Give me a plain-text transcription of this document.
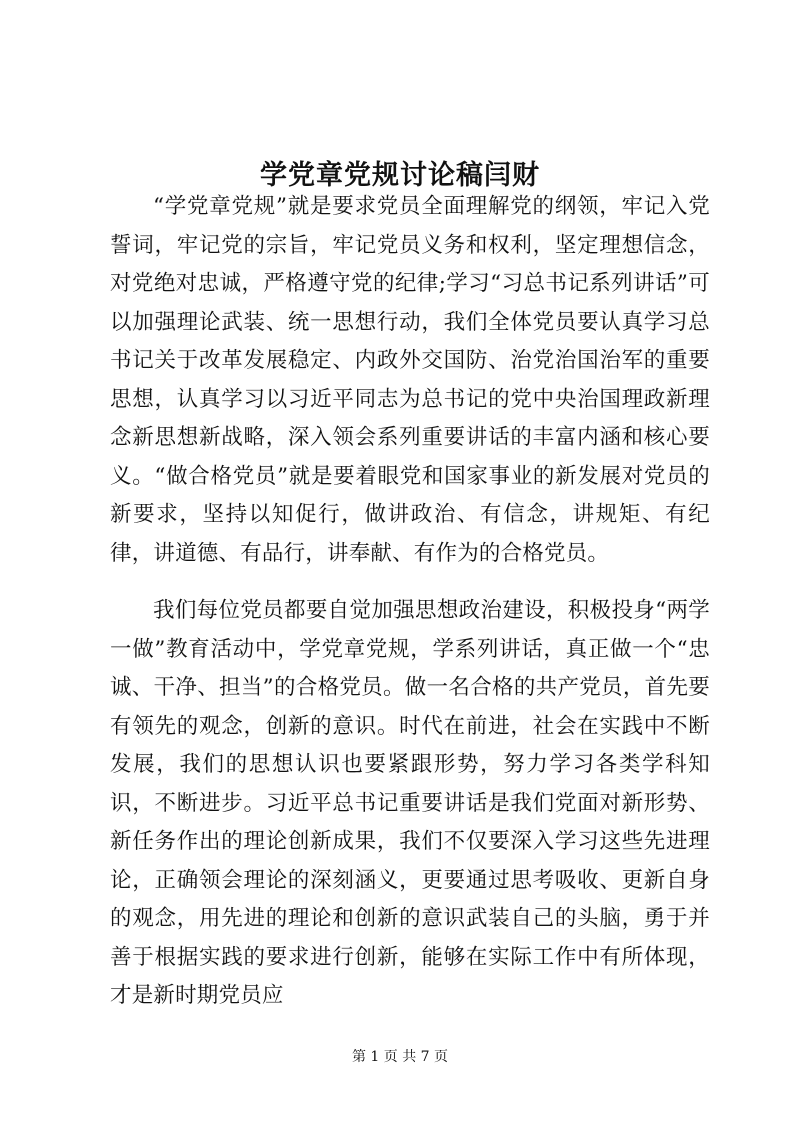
学党章党规讨论稿闫财

“学党章党规”就是要求党员全面理解党的纲领，牢记入党誓词，牢记党的宗旨，牢记党员义务和权利，坚定理想信念，对党绝对忠诚，严格遵守党的纪律;学习“习总书记系列讲话”可以加强理论武装、统一思想行动，我们全体党员要认真学习总书记关于改革发展稳定、内政外交国防、治党治国治军的重要思想，认真学习以习近平同志为总书记的党中央治国理政新理念新思想新战略，深入领会系列重要讲话的丰富内涵和核心要义。“做合格党员”就是要着眼党和国家事业的新发展对党员的新要求，坚持以知促行，做讲政治、有信念，讲规矩、有纪律，讲道德、有品行，讲奉献、有作为的合格党员。

我们每位党员都要自觉加强思想政治建设，积极投身“两学一做”教育活动中，学党章党规，学系列讲话，真正做一个“忠诚、干净、担当”的合格党员。做一名合格的共产党员，首先要有领先的观念，创新的意识。时代在前进，社会在实践中不断发展，我们的思想认识也要紧跟形势，努力学习各类学科知识，不断进步。习近平总书记重要讲话是我们党面对新形势、新任务作出的理论创新成果，我们不仅要深入学习这些先进理论，正确领会理论的深刻涵义，更要通过思考吸收、更新自身的观念，用先进的理论和创新的意识武装自己的头脑，勇于并善于根据实践的要求进行创新，能够在实际工作中有所体现，才是新时期党员应

第 1 页 共 7 页
